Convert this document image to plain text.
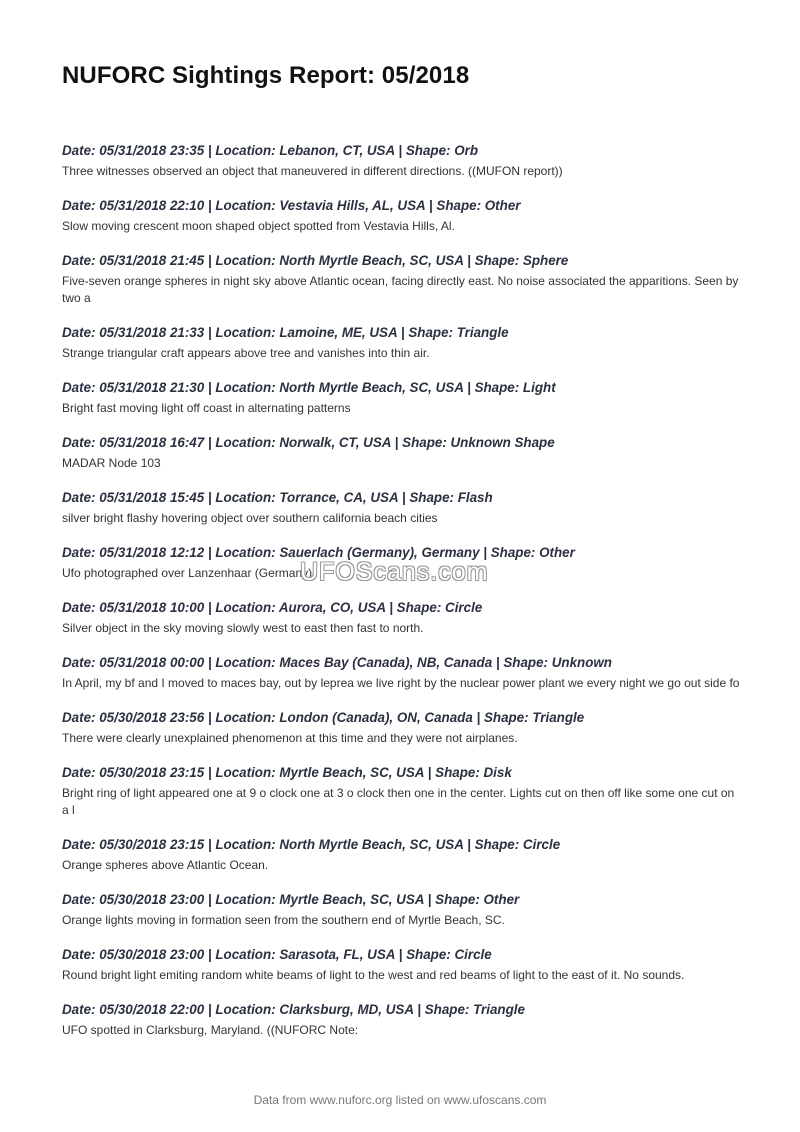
NUFORC Sightings Report: 05/2018
Date: 05/31/2018 23:35 | Location: Lebanon, CT, USA | Shape: Orb
Three witnesses observed an object that maneuvered in different directions. ((MUFON report))
Date: 05/31/2018 22:10 | Location: Vestavia Hills, AL, USA | Shape: Other
Slow moving crescent moon shaped object spotted from Vestavia Hills, Al.
Date: 05/31/2018 21:45 | Location: North Myrtle Beach, SC, USA | Shape: Sphere
Five-seven orange spheres in night sky above Atlantic ocean, facing directly east. No noise associated the apparitions. Seen by two a
Date: 05/31/2018 21:33 | Location: Lamoine, ME, USA | Shape: Triangle
Strange triangular craft appears above tree and vanishes into thin air.
Date: 05/31/2018 21:30 | Location: North Myrtle Beach, SC, USA | Shape: Light
Bright fast moving light off coast in alternating patterns
Date: 05/31/2018 16:47 | Location: Norwalk, CT, USA | Shape: Unknown Shape
MADAR Node 103
Date: 05/31/2018 15:45 | Location: Torrance, CA, USA | Shape: Flash
silver bright flashy hovering object over southern california beach cities
Date: 05/31/2018 12:12 | Location: Sauerlach (Germany), Germany | Shape: Other
Ufo photographed over Lanzenhaar (Germany)
Date: 05/31/2018 10:00 | Location: Aurora, CO, USA | Shape: Circle
Silver object in the sky moving slowly west to east then fast to north.
Date: 05/31/2018 00:00 | Location: Maces Bay (Canada), NB, Canada | Shape: Unknown
In April, my bf and I moved to maces bay, out by leprea we live right by the nuclear power plant we every night we go out side fo
Date: 05/30/2018 23:56 | Location: London (Canada), ON, Canada | Shape: Triangle
There were clearly unexplained phenomenon at this time and they were not airplanes.
Date: 05/30/2018 23:15 | Location: Myrtle Beach, SC, USA | Shape: Disk
Bright ring of light appeared one at 9 o clock one at 3 o clock then one in the center. Lights cut on then off like some one cut on a l
Date: 05/30/2018 23:15 | Location: North Myrtle Beach, SC, USA | Shape: Circle
Orange spheres above Atlantic Ocean.
Date: 05/30/2018 23:00 | Location: Myrtle Beach, SC, USA | Shape: Other
Orange lights moving in formation seen from the southern end of Myrtle Beach, SC.
Date: 05/30/2018 23:00 | Location: Sarasota, FL, USA | Shape: Circle
Round bright light emiting random white beams of light to the west and red beams of light to the east of it. No sounds.
Date: 05/30/2018 22:00 | Location: Clarksburg, MD, USA | Shape: Triangle
UFO spotted in Clarksburg, Maryland. ((NUFORC Note:
UFOScans.com
Data from www.nuforc.org listed on www.ufoscans.com
